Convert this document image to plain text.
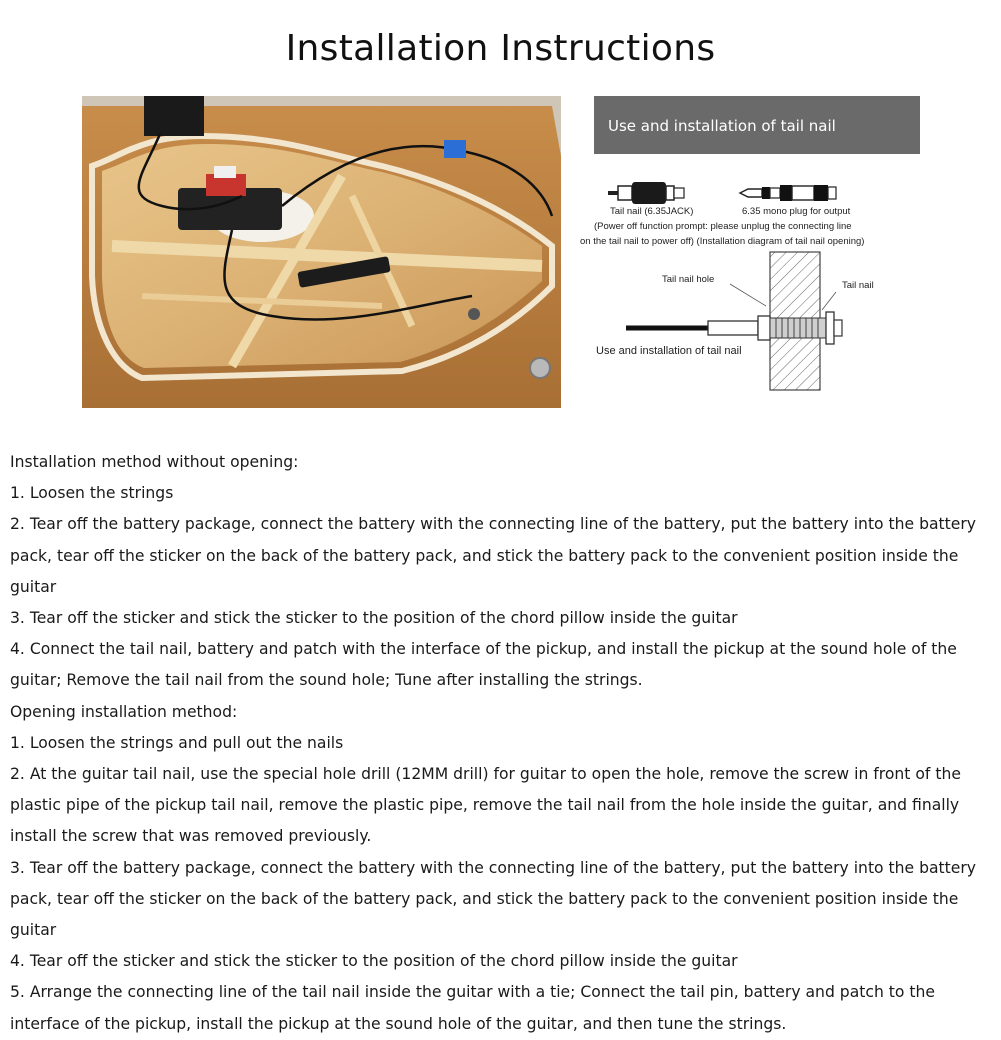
Installation Instructions
Use and installation of tail nail
Tail nail (6.35JACK)	6.35 mono plug for output
(Power off function prompt: please unplug the connecting line
on the tail nail to power off) (Installation diagram of tail nail opening)
Tail nail hole
Tail nail
Use and installation of tail nail

Installation method without opening:

1. Loosen the strings

2. Tear off the battery package, connect the battery with the connecting line of the battery, put the battery into the battery pack, tear off the sticker on the back of the battery pack, and stick the battery pack to the convenient position inside the guitar

3. Tear off the sticker and stick the sticker to the position of the chord pillow inside the guitar

4. Connect the tail nail, battery and patch with the interface of the pickup, and install the pickup at the sound hole of the guitar; Remove the tail nail from the sound hole; Tune after installing the strings.

Opening installation method:

1. Loosen the strings and pull out the nails

2. At the guitar tail nail, use the special hole drill (12MM drill) for guitar to open the hole, remove the screw in front of the plastic pipe of the pickup tail nail, remove the plastic pipe, remove the tail nail from the hole inside the guitar, and finally install the screw that was removed previously.

3. Tear off the battery package, connect the battery with the connecting line of the battery, put the battery into the battery pack, tear off the sticker on the back of the battery pack, and stick the battery pack to the convenient position inside the guitar

4. Tear off the sticker and stick the sticker to the position of the chord pillow inside the guitar

5. Arrange the connecting line of the tail nail inside the guitar with a tie; Connect the tail pin, battery and patch to the interface of the pickup, install the pickup at the sound hole of the guitar, and then tune the strings.
